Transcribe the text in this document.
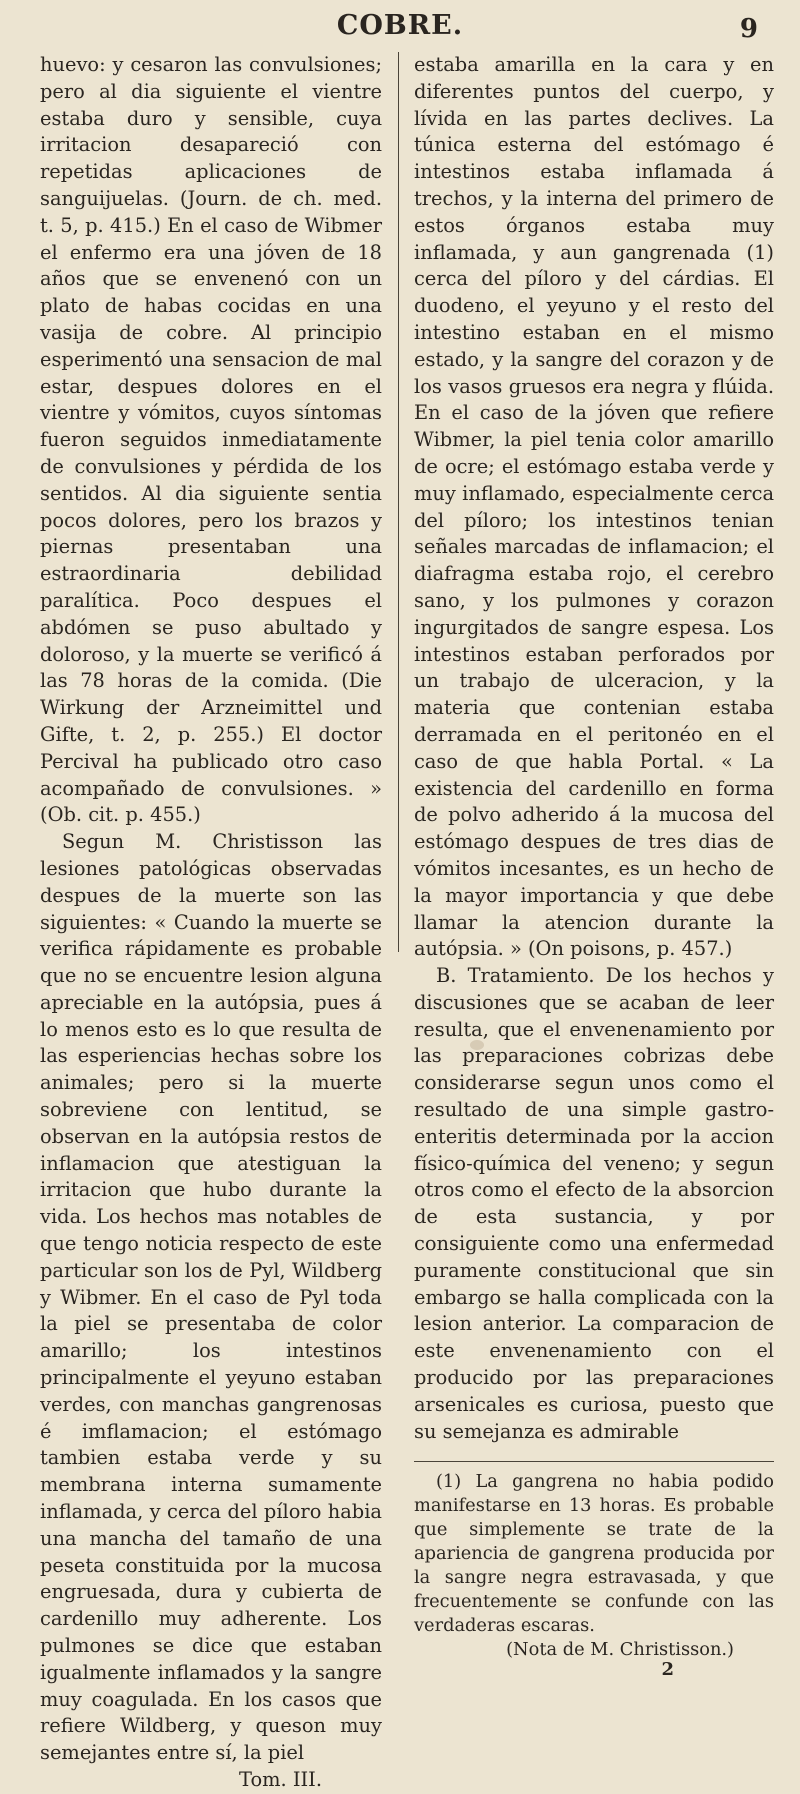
COBRE.	9

huevo: y cesaron las convulsiones; pero al dia siguiente el vientre estaba duro y sensible, cuya irritacion desapareció con repetidas aplicaciones de sanguijuelas. (Journ. de ch. med. t. 5, p. 415.) En el caso de Wibmer el enfermo era una jóven de 18 años que se envenenó con un plato de habas cocidas en una vasija de cobre. Al principio esperimentó una sensacion de mal estar, despues dolores en el vientre y vómitos, cuyos síntomas fueron seguidos inmediatamente de convulsiones y pérdida de los sentidos. Al dia siguiente sentia pocos dolores, pero los brazos y piernas presentaban una estraordinaria debilidad paralítica. Poco despues el abdómen se puso abultado y doloroso, y la muerte se verificó á las 78 horas de la comida. (Die Wirkung der Arzneimittel und Gifte, t. 2, p. 255.) El doctor Percival ha publicado otro caso acompañado de convulsiones. » (Ob. cit. p. 455.)

Segun M. Christisson las lesiones patológicas observadas despues de la muerte son las siguientes: « Cuando la muerte se verifica rápidamente es probable que no se encuentre lesion alguna apreciable en la autópsia, pues á lo menos esto es lo que resulta de las esperiencias hechas sobre los animales; pero si la muerte sobreviene con lentitud, se observan en la autópsia restos de inflamacion que atestiguan la irritacion que hubo durante la vida. Los hechos mas notables de que tengo noticia respecto de este particular son los de Pyl, Wildberg y Wibmer. En el caso de Pyl toda la piel se presentaba de color amarillo; los intestinos principalmente el yeyuno estaban verdes, con manchas gangrenosas é imflamacion; el estómago tambien estaba verde y su membrana interna sumamente inflamada, y cerca del píloro habia una mancha del tamaño de una peseta constituida por la mucosa engruesada, dura y cubierta de cardenillo muy adherente. Los pulmones se dice que estaban igualmente inflamados y la sangre muy coagulada. En los casos que refiere Wildberg, y queson muy semejantes entre sí, la piel

Tom. III.

estaba amarilla en la cara y en diferentes puntos del cuerpo, y lívida en las partes declives. La túnica esterna del estómago é intestinos estaba inflamada á trechos, y la interna del primero de estos órganos estaba muy inflamada, y aun gangrenada (1) cerca del píloro y del cárdias. El duodeno, el yeyuno y el resto del intestino estaban en el mismo estado, y la sangre del corazon y de los vasos gruesos era negra y flúida. En el caso de la jóven que refiere Wibmer, la piel tenia color amarillo de ocre; el estómago estaba verde y muy inflamado, especialmente cerca del píloro; los intestinos tenian señales marcadas de inflamacion; el diafragma estaba rojo, el cerebro sano, y los pulmones y corazon ingurgitados de sangre espesa. Los intestinos estaban perforados por un trabajo de ulceracion, y la materia que contenian estaba derramada en el peritonéo en el caso de que habla Portal. « La existencia del cardenillo en forma de polvo adherido á la mucosa del estómago despues de tres dias de vómitos incesantes, es un hecho de la mayor importancia y que debe llamar la atencion durante la autópsia. » (On poisons, p. 457.)

B. Tratamiento. De los hechos y discusiones que se acaban de leer resulta, que el envenenamiento por las preparaciones cobrizas debe considerarse segun unos como el resultado de una simple gastro-enteritis determinada por la accion físico-química del veneno; y segun otros como el efecto de la absorcion de esta sustancia, y por consiguiente como una enfermedad puramente constitucional que sin embargo se halla complicada con la lesion anterior. La comparacion de este envenenamiento con el producido por las preparaciones arsenicales es curiosa, puesto que su semejanza es admirable

(1) La gangrena no habia podido manifestarse en 13 horas. Es probable que simplemente se trate de la apariencia de gangrena producida por la sangre negra estravasada, y que frecuentemente se confunde con las verdaderas escaras.

(Nota de M. Christisson.)
2
